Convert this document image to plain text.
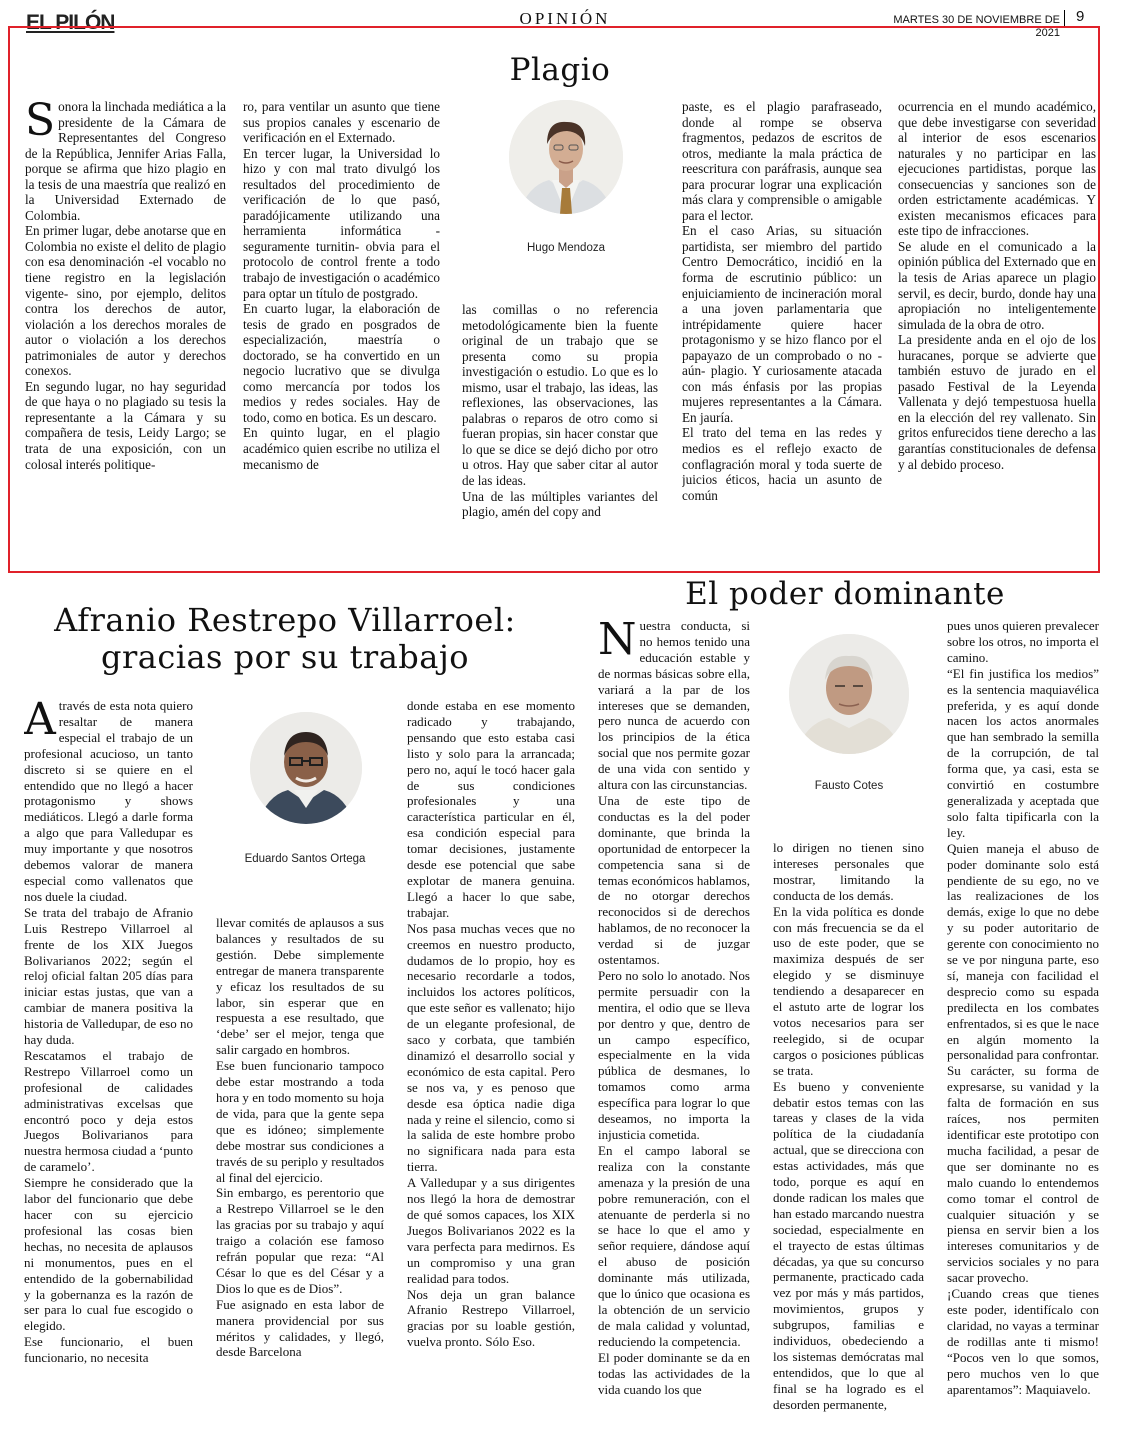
EL PILÓN	OPINIÓN	MARTES 30 DE NOVIEMBRE DE 2021
9
Plagio
S onora la linchada mediática a la presidente de la Cámara de Representantes del Congreso de la República, Jennifer Arias Falla, porque se afirma que hizo plagio en la tesis de una maestría que realizó en la Universidad Externado de Colombia.

En primer lugar, debe anotarse que en Colombia no existe el delito de plagio con esa denominación -el vocablo no tiene registro en la legislación vigente- sino, por ejemplo, delitos contra los derechos de autor, violación a los derechos morales de autor o violación a los derechos patrimoniales de autor y derechos conexos.

En segundo lugar, no hay seguridad de que haya o no plagiado su tesis la representante a la Cámara y su compañera de tesis, Leidy Largo; se trata de una exposición, con un colosal interés politique-

ro, para ventilar un asunto que tiene sus propios canales y escenario de verificación en el Externado.

En tercer lugar, la Universidad lo hizo y con mal trato divulgó los resultados del procedimiento de verificación de lo que pasó, paradójicamente utilizando una herramienta informática -seguramente turnitin- obvia para el protocolo de control frente a todo trabajo de investigación o académico para optar un título de postgrado.

En cuarto lugar, la elaboración de tesis de grado en posgrados de especialización, maestría o doctorado, se ha convertido en un negocio lucrativo que se divulga como mercancía por todos los medios y redes sociales. Hay de todo, como en botica. Es un descaro.

En quinto lugar, en el plagio académico quien escribe no utiliza el mecanismo de

Hugo Mendoza

las comillas o no referencia metodológicamente bien la fuente original de un trabajo que se presenta como su propia investigación o estudio. Lo que es lo mismo, usar el trabajo, las ideas, las reflexiones, las observaciones, las palabras o reparos de otro como si fueran propias, sin hacer constar que lo que se dice se dejó dicho por otro u otros. Hay que saber citar al autor de las ideas.

Una de las múltiples variantes del plagio, amén del copy and

paste, es el plagio parafraseado, donde al rompe se observa fragmentos, pedazos de escritos de otros, mediante la mala práctica de reescritura con paráfrasis, aunque sea para procurar lograr una explicación más clara y comprensible o amigable para el lector.

En el caso Arias, su situación partidista, ser miembro del partido Centro Democrático, incidió en la forma de escrutinio público: un enjuiciamiento de incineración moral a una joven parlamentaria que intrépidamente quiere hacer protagonismo y se hizo flanco por el papayazo de un comprobado o no -aún- plagio. Y curiosamente atacada con más énfasis por las propias mujeres representantes a la Cámara. En jauría.

El trato del tema en las redes y medios es el reflejo exacto de conflagración moral y toda suerte de juicios éticos, hacia un asunto de común

ocurrencia en el mundo académico, que debe investigarse con severidad al interior de esos escenarios naturales y no participar en las ejecuciones partidistas, porque las consecuencias y sanciones son de orden estrictamente académicas. Y existen mecanismos eficaces para este tipo de infracciones.

Se alude en el comunicado a la opinión pública del Externado que en la tesis de Arias aparece un plagio servil, es decir, burdo, donde hay una apropiación no inteligentemente simulada de la obra de otro.

La presidente anda en el ojo de los huracanes, porque se advierte que también estuvo de jurado en el pasado Festival de la Leyenda Vallenata y dejó tempestuosa huella en la elección del rey vallenato. Sin gritos enfurecidos tiene derecho a las garantías constitucionales de defensa y al debido proceso.

Afranio Restrepo Villarroel:
gracias por su trabajo
A través de esta nota quiero resaltar de manera especial el trabajo de un profesional acucioso, un tanto discreto si se quiere en el entendido que no llegó a hacer protagonismo y shows mediáticos. Llegó a darle forma a algo que para Valledupar es muy importante y que nosotros debemos valorar de manera especial como vallenatos que nos duele la ciudad.

Se trata del trabajo de Afranio Luis Restrepo Villarroel al frente de los XIX Juegos Bolivarianos 2022; según el reloj oficial faltan 205 días para iniciar estas justas, que van a cambiar de manera positiva la historia de Valledupar, de eso no hay duda.

Rescatamos el trabajo de Restrepo Villarroel como un profesional de calidades administrativas excelsas que encontró poco y deja estos Juegos Bolivarianos para nuestra hermosa ciudad a ‘punto de caramelo’.

Siempre he considerado que la labor del funcionario que debe hacer con su ejercicio profesional las cosas bien hechas, no necesita de aplausos ni monumentos, pues en el entendido de la gobernabilidad y la gobernanza es la razón de ser para lo cual fue escogido o elegido.

Ese funcionario, el buen funcionario, no necesita

Eduardo Santos Ortega

llevar comités de aplausos a sus balances y resultados de su gestión. Debe simplemente entregar de manera transparente y eficaz los resultados de su labor, sin esperar que en respuesta a ese resultado, que ‘debe’ ser el mejor, tenga que salir cargado en hombros.

Ese buen funcionario tampoco debe estar mostrando a toda hora y en todo momento su hoja de vida, para que la gente sepa que es idóneo; simplemente debe mostrar sus condiciones a través de su periplo y resultados al final del ejercicio.

Sin embargo, es perentorio que a Restrepo Villarroel se le den las gracias por su trabajo y aquí traigo a colación ese famoso refrán popular que reza: “Al César lo que es del César y a Dios lo que es de Dios”.

Fue asignado en esta labor de manera providencial por sus méritos y calidades, y llegó, desde Barcelona

donde estaba en ese momento radicado y trabajando, pensando que esto estaba casi listo y solo para la arrancada; pero no, aquí le tocó hacer gala de sus condiciones profesionales y una característica particular en él, esa condición especial para tomar decisiones, justamente desde ese potencial que sabe explotar de manera genuina. Llegó a hacer lo que sabe, trabajar.

Nos pasa muchas veces que no creemos en nuestro producto, dudamos de lo propio, hoy es necesario recordarle a todos, incluidos los actores políticos, que este señor es vallenato; hijo de un elegante profesional, de saco y corbata, que también dinamizó el desarrollo social y económico de esta capital. Pero se nos va, y es penoso que desde esa óptica nadie diga nada y reine el silencio, como si la salida de este hombre probo no significara nada para esta tierra.

A Valledupar y a sus dirigentes nos llegó la hora de demostrar de qué somos capaces, los XIX Juegos Bolivarianos 2022 es la vara perfecta para medirnos. Es un compromiso y una gran realidad para todos.

Nos deja un gran balance Afranio Restrepo Villarroel, gracias por su loable gestión, vuelva pronto. Sólo Eso.

El poder dominante
N uestra conducta, si no hemos tenido una educación estable y de normas básicas sobre ella, variará a la par de los intereses que se demanden, pero nunca de acuerdo con los principios de la ética social que nos permite gozar de una vida con sentido y altura con las circunstancias.

Una de este tipo de conductas es la del poder dominante, que brinda la oportunidad de entorpecer la competencia sana si de temas económicos hablamos, de no otorgar derechos reconocidos si de derechos hablamos, de no reconocer la verdad si de juzgar ostentamos.

Pero no solo lo anotado. Nos permite persuadir con la mentira, el odio que se lleva por dentro y que, dentro de un campo específico, especialmente en la vida pública de desmanes, lo tomamos como arma específica para lograr lo que deseamos, no importa la injusticia cometida.

En el campo laboral se realiza con la constante amenaza y la presión de una pobre remuneración, con el atenuante de perderla si no se hace lo que el amo y señor requiere, dándose aquí el abuso de posición dominante más utilizada, que lo único que ocasiona es la obtención de un servicio de mala calidad y voluntad, reduciendo la competencia.

El poder dominante se da en todas las actividades de la vida cuando los que

Fausto Cotes

lo dirigen no tienen sino intereses personales que mostrar, limitando la conducta de los demás.

En la vida política es donde con más frecuencia se da el uso de este poder, que se maximiza después de ser elegido y se disminuye tendiendo a desaparecer en el astuto arte de lograr los votos necesarios para ser reelegido, si de ocupar cargos o posiciones públicas se trata.

Es bueno y conveniente debatir estos temas con las tareas y clases de la vida política de la ciudadanía actual, que se direcciona con estas actividades, más que todo, porque es aquí en donde radican los males que han estado marcando nuestra sociedad, especialmente en el trayecto de estas últimas décadas, ya que su concurso permanente, practicado cada vez por más y más partidos, movimientos, grupos y subgrupos, familias e individuos, obedeciendo a los sistemas demócratas mal entendidos, que lo que al final se ha logrado es el desorden permanente,

pues unos quieren prevalecer sobre los otros, no importa el camino.

“El fin justifica los medios” es la sentencia maquiavélica preferida, y es aquí donde nacen los actos anormales que han sembrado la semilla de la corrupción, de tal forma que, ya casi, esta se convirtió en costumbre generalizada y aceptada que solo falta tipificarla con la ley.

Quien maneja el abuso de poder dominante solo está pendiente de su ego, no ve las realizaciones de los demás, exige lo que no debe y su poder autoritario de gerente con conocimiento no se ve por ninguna parte, eso sí, maneja con facilidad el desprecio como su espada predilecta en los combates enfrentados, si es que le nace en algún momento la personalidad para confrontar.

Su carácter, su forma de expresarse, su vanidad y la falta de formación en sus raíces, nos permiten identificar este prototipo con mucha facilidad, a pesar de que ser dominante no es malo cuando lo entendemos como tomar el control de cualquier situación y se piensa en servir bien a los intereses comunitarios y de servicios sociales y no para sacar provecho.

¡Cuando creas que tienes este poder, identifícalo con claridad, no vayas a terminar de rodillas ante ti mismo! “Pocos ven lo que somos, pero muchos ven lo que aparentamos”: Maquiavelo.
